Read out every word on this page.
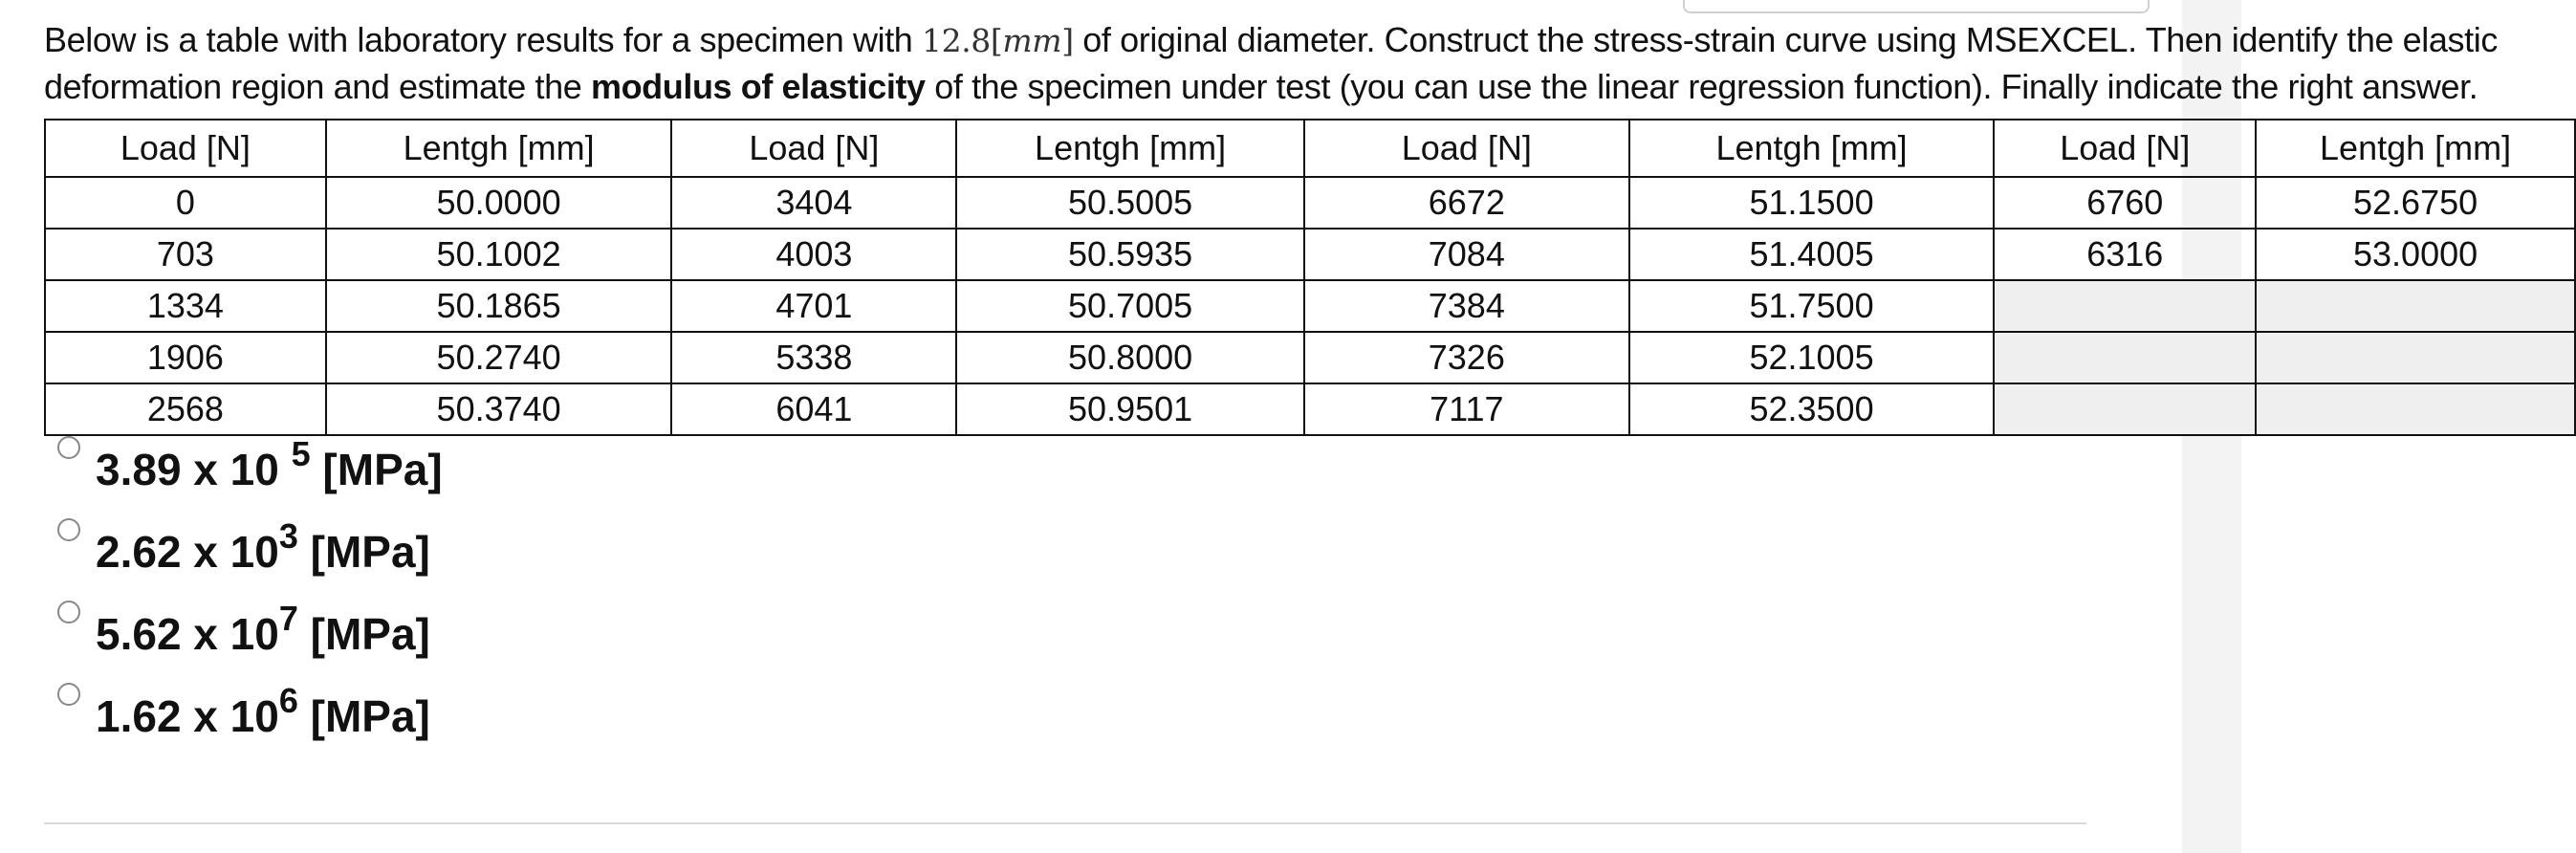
Below is a table with laboratory results for a specimen with 12.8[mm] of original diameter. Construct the stress-strain curve using MSEXCEL. Then identify the elastic deformation region and estimate the modulus of elasticity of the specimen under test (you can use the linear regression function). Finally indicate the right answer.
Load [N]	Lentgh [mm]	Load [N]	Lentgh [mm]	Load [N]	Lentgh [mm]	Load [N]	Lentgh [mm]
0	50.0000	3404	50.5005	6672	51.1500	6760	52.6750
703	50.1002	4003	50.5935	7084	51.4005	6316	53.0000
1334	50.1865	4701	50.7005	7384	51.7500		
1906	50.2740	5338	50.8000	7326	52.1005		
2568	50.3740	6041	50.9501	7117	52.3500		
3.89 x 10 $^5$ [MPa]
2.62 x $10^3$ [MPa]
5.62 x $10^7$ [MPa]
1.62 x $10^6$ [MPa]
